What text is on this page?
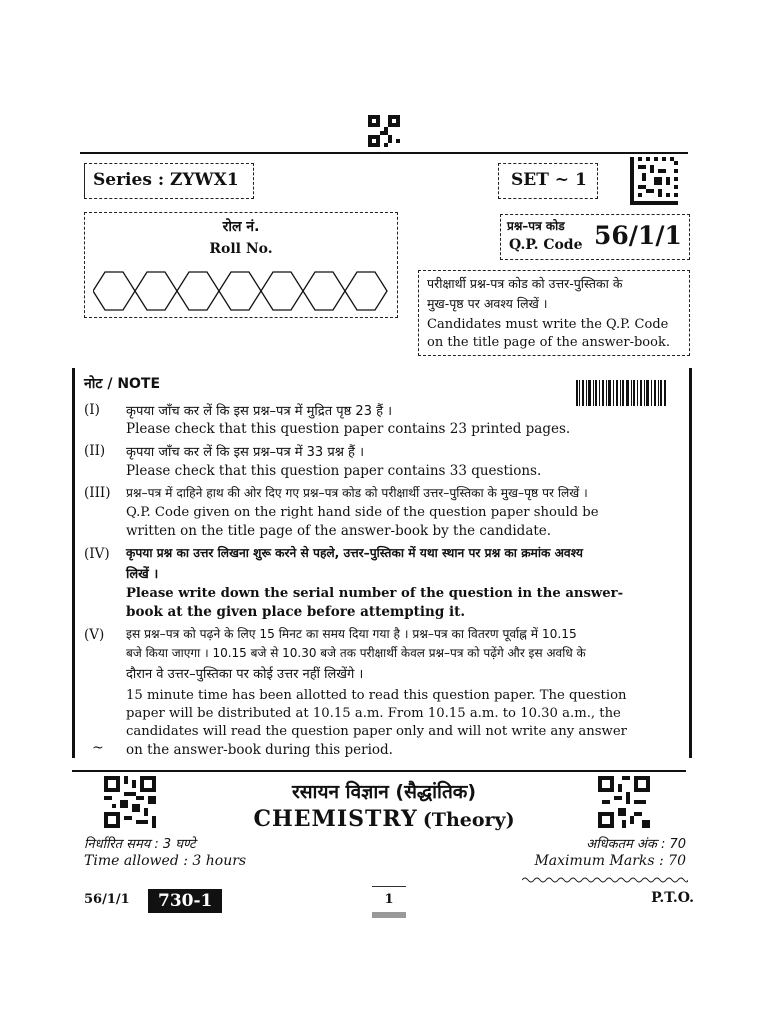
Series : ZYWX1	SET ~ 1
रोल नं.
Roll No.
प्रश्न–पत्र कोड
Q.P. Code 56/1/1
परीक्षार्थी प्रश्न-पत्र कोड को उत्तर-पुस्तिका के
मुख-पृष्ठ पर अवश्य लिखें ।
Candidates must write the Q.P. Code
on the title page of the answer-book.
नोट / NOTE
(I) कृपया जाँच कर लें कि इस प्रश्न–पत्र में मुद्रित पृष्ठ 23 हैं ।
Please check that this question paper contains 23 printed pages.
(II) कृपया जाँच कर लें कि इस प्रश्न–पत्र में 33 प्रश्न हैं ।
Please check that this question paper contains 33 questions.
(III) प्रश्न–पत्र में दाहिने हाथ की ओर दिए गए प्रश्न–पत्र कोड को परीक्षार्थी उत्तर–पुस्तिका के मुख–पृष्ठ पर लिखें ।
Q.P. Code given on the right hand side of the question paper should be
written on the title page of the answer-book by the candidate.
(IV) कृपया प्रश्न का उत्तर लिखना शुरू करने से पहले, उत्तर–पुस्तिका में यथा स्थान पर प्रश्न का क्रमांक अवश्य
लिखें ।
Please write down the serial number of the question in the answer-
book at the given place before attempting it.
(V) इस प्रश्न–पत्र को पढ़ने के लिए 15 मिनट का समय दिया गया है । प्रश्न–पत्र का वितरण पूर्वाह्न में 10.15
बजे किया जाएगा । 10.15 बजे से 10.30 बजे तक परीक्षार्थी केवल प्रश्न–पत्र को पढ़ेंगे और इस अवधि के
दौरान वे उत्तर–पुस्तिका पर कोई उत्तर नहीं लिखेंगे ।
15 minute time has been allotted to read this question paper. The question
paper will be distributed at 10.15 a.m. From 10.15 a.m. to 10.30 a.m., the
candidates will read the question paper only and will not write any answer
on the answer-book during this period.
~
रसायन विज्ञान (सैद्धांतिक)
CHEMISTRY (Theory)
निर्धारित समय : 3 घण्टे
Time allowed : 3 hours
अधिकतम अंक : 70
Maximum Marks : 70
56/1/1	730-1	1	P.T.O.
